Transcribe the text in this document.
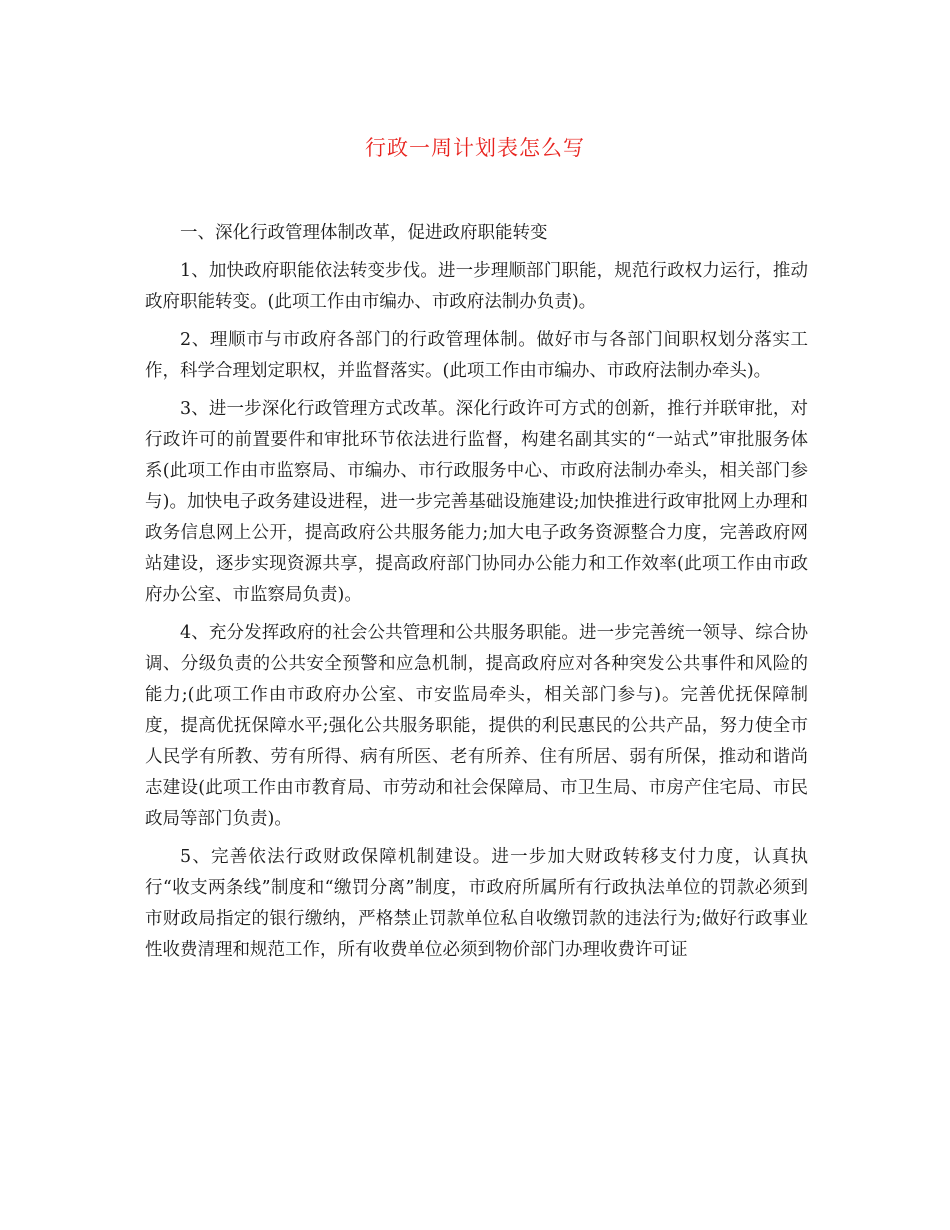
行政一周计划表怎么写

一、深化行政管理体制改革，促进政府职能转变

1、加快政府职能依法转变步伐。进一步理顺部门职能，规范行政权力运行，推动政府职能转变。(此项工作由市编办、市政府法制办负责)。

2、理顺市与市政府各部门的行政管理体制。做好市与各部门间职权划分落实工作，科学合理划定职权，并监督落实。(此项工作由市编办、市政府法制办牵头)。

3、进一步深化行政管理方式改革。深化行政许可方式的创新，推行并联审批，对行政许可的前置要件和审批环节依法进行监督，构建名副其实的“一站式”审批服务体系(此项工作由市监察局、市编办、市行政服务中心、市政府法制办牵头，相关部门参与)。加快电子政务建设进程，进一步完善基础设施建设;加快推进行政审批网上办理和政务信息网上公开，提高政府公共服务能力;加大电子政务资源整合力度，完善政府网站建设，逐步实现资源共享，提高政府部门协同办公能力和工作效率(此项工作由市政府办公室、市监察局负责)。

4、充分发挥政府的社会公共管理和公共服务职能。进一步完善统一领导、综合协调、分级负责的公共安全预警和应急机制，提高政府应对各种突发公共事件和风险的能力;(此项工作由市政府办公室、市安监局牵头，相关部门参与)。完善优抚保障制度，提高优抚保障水平;强化公共服务职能，提供的利民惠民的公共产品，努力使全市人民学有所教、劳有所得、病有所医、老有所养、住有所居、弱有所保，推动和谐尚志建设(此项工作由市教育局、市劳动和社会保障局、市卫生局、市房产住宅局、市民政局等部门负责)。

5、完善依法行政财政保障机制建设。进一步加大财政转移支付力度，认真执行“收支两条线”制度和“缴罚分离”制度，市政府所属所有行政执法单位的罚款必须到市财政局指定的银行缴纳，严格禁止罚款单位私自收缴罚款的违法行为;做好行政事业性收费清理和规范工作，所有收费单位必须到物价部门办理收费许可证
